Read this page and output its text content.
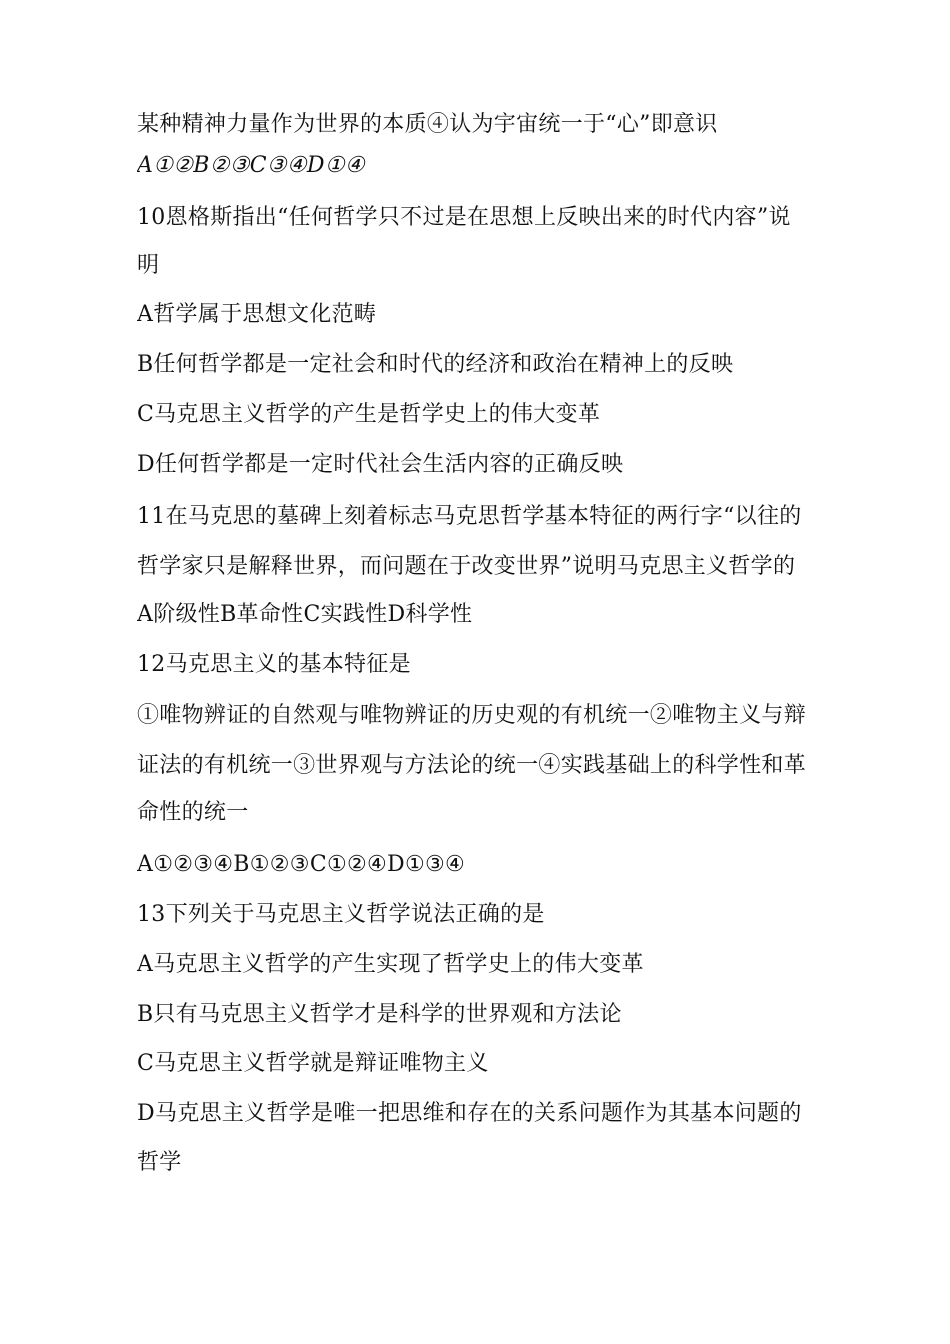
某种精神力量作为世界的本质④认为宇宙统一于“心”即意识
A①②B②③C③④D①④
10恩格斯指出“任何哲学只不过是在思想上反映出来的时代内容”说
明
A哲学属于思想文化范畴
B任何哲学都是一定社会和时代的经济和政治在精神上的反映
C马克思主义哲学的产生是哲学史上的伟大变革
D任何哲学都是一定时代社会生活内容的正确反映
11在马克思的墓碑上刻着标志马克思哲学基本特征的两行字“以往的
哲学家只是解释世界，而问题在于改变世界”说明马克思主义哲学的
A阶级性B革命性C实践性D科学性
12马克思主义的基本特征是
①唯物辨证的自然观与唯物辨证的历史观的有机统一②唯物主义与辩
证法的有机统一③世界观与方法论的统一④实践基础上的科学性和革
命性的统一
A①②③④B①②③C①②④D①③④
13下列关于马克思主义哲学说法正确的是
A马克思主义哲学的产生实现了哲学史上的伟大变革
B只有马克思主义哲学才是科学的世界观和方法论
C马克思主义哲学就是辩证唯物主义
D马克思主义哲学是唯一把思维和存在的关系问题作为其基本问题的
哲学
